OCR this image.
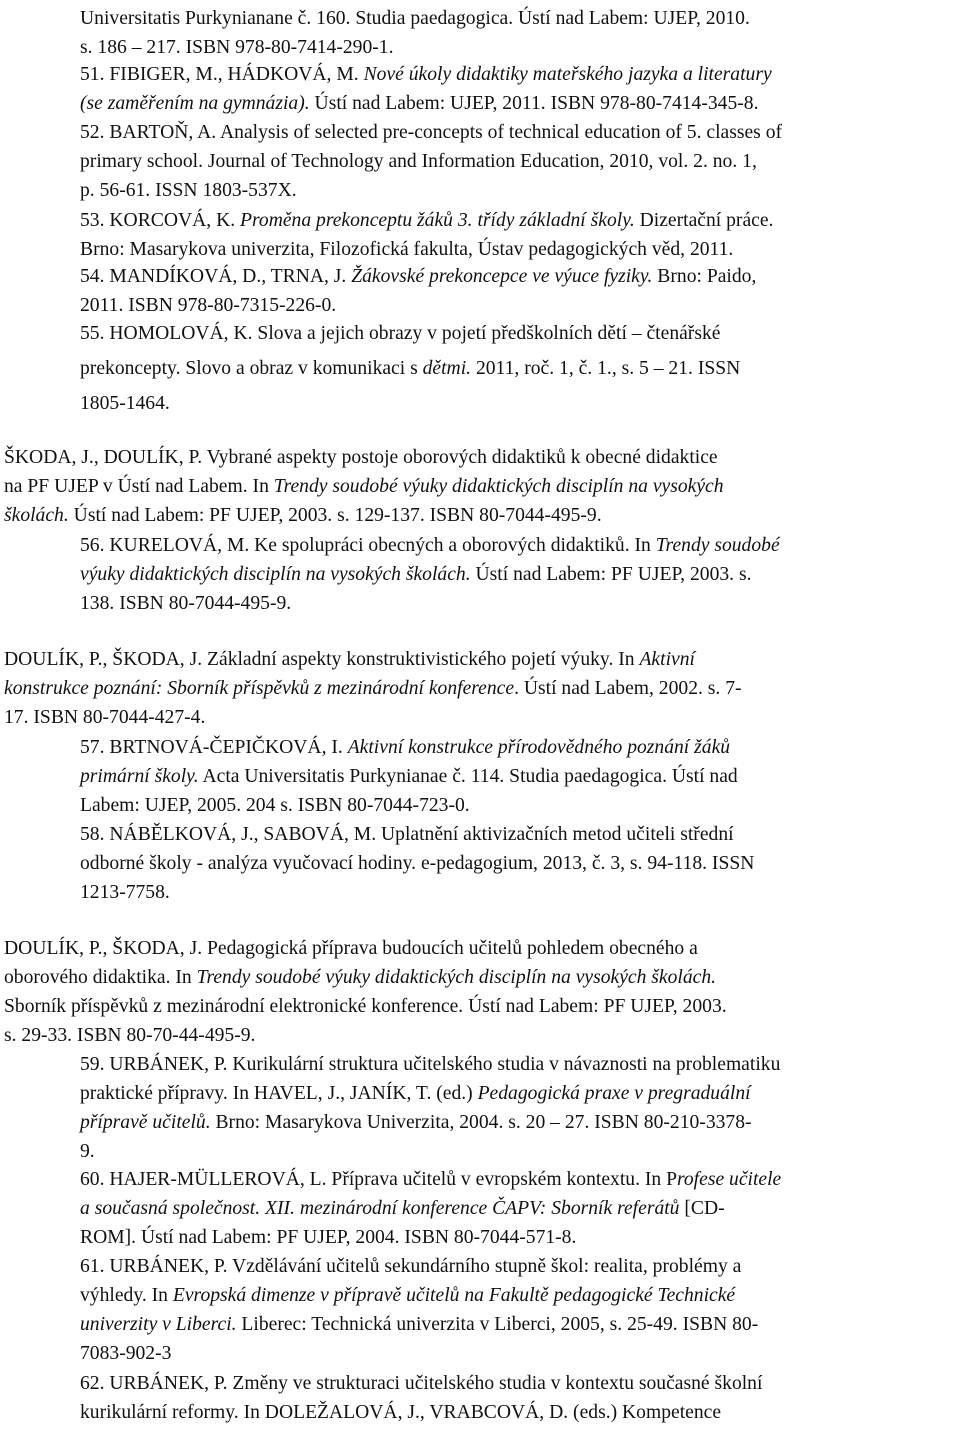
Universitatis Purkynianane č. 160. Studia paedagogica. Ústí nad Labem: UJEP, 2010.
s. 186 – 217. ISBN 978-80-7414-290-1.
51. FIBIGER, M., HÁDKOVÁ, M. Nové úkoly didaktiky mateřského jazyka a literatury
(se zaměřením na gymnázia). Ústí nad Labem: UJEP, 2011. ISBN 978-80-7414-345-8.
52. BARTOŇ, A. Analysis of selected pre-concepts of technical education of 5. classes of
primary school. Journal of Technology and Information Education, 2010, vol. 2. no. 1,
p. 56-61. ISSN 1803-537X.
53. KORCOVÁ, K. Proměna prekonceptu žáků 3. třídy základní školy. Dizertační práce.
Brno: Masarykova univerzita, Filozofická fakulta, Ústav pedagogických věd, 2011.
54. MANDÍKOVÁ, D., TRNA, J. Žákovské prekoncepce ve výuce fyziky. Brno: Paido,
2011. ISBN 978-80-7315-226-0.
55. HOMOLOVÁ, K. Slova a jejich obrazy v pojetí předškolních dětí – čtenářské
prekoncepty. Slovo a obraz v komunikaci s dětmi. 2011, roč. 1, č. 1., s. 5 – 21. ISSN
1805-1464.
ŠKODA, J., DOULÍK, P. Vybrané aspekty postoje oborových didaktiků k obecné didaktice
na PF UJEP v Ústí nad Labem. In Trendy soudobé výuky didaktických disciplín na vysokých
školách. Ústí nad Labem: PF UJEP, 2003. s. 129-137. ISBN 80-7044-495-9.
56. KURELOVÁ, M. Ke spolupráci obecných a oborových didaktiků. In Trendy soudobé
výuky didaktických disciplín na vysokých školách. Ústí nad Labem: PF UJEP, 2003. s.
138. ISBN 80-7044-495-9.
DOULÍK, P., ŠKODA, J. Základní aspekty konstruktivistického pojetí výuky. In Aktivní
konstrukce poznání: Sborník příspěvků z mezinárodní konference. Ústí nad Labem, 2002. s. 7-
17. ISBN 80-7044-427-4.
57. BRTNOVÁ-ČEPIČKOVÁ, I. Aktivní konstrukce přírodovědného poznání žáků
primární školy. Acta Universitatis Purkynianae č. 114. Studia paedagogica. Ústí nad
Labem: UJEP, 2005. 204 s. ISBN 80-7044-723-0.
58. NÁBĚLKOVÁ, J., SABOVÁ, M. Uplatnění aktivizačních metod učiteli střední
odborné školy - analýza vyučovací hodiny. e-pedagogium, 2013, č. 3, s. 94-118. ISSN
1213-7758.
DOULÍK, P., ŠKODA, J. Pedagogická příprava budoucích učitelů pohledem obecného a
oborového didaktika. In Trendy soudobé výuky didaktických disciplín na vysokých školách.
Sborník příspěvků z mezinárodní elektronické konference. Ústí nad Labem: PF UJEP, 2003.
s. 29-33. ISBN 80-70-44-495-9.
59. URBÁNEK, P. Kurikulární struktura učitelského studia v návaznosti na problematiku
praktické přípravy. In HAVEL, J., JANÍK, T. (ed.) Pedagogická praxe v pregraduální
přípravě učitelů. Brno: Masarykova Univerzita, 2004. s. 20 – 27. ISBN 80-210-3378-
9.
60. HAJER-MÜLLEROVÁ, L. Příprava učitelů v evropském kontextu. In Profese učitele
a současná společnost. XII. mezinárodní konference ČAPV: Sborník referátů [CD-
ROM]. Ústí nad Labem: PF UJEP, 2004. ISBN 80-7044-571-8.
61. URBÁNEK, P. Vzdělávání učitelů sekundárního stupně škol: realita, problémy a
výhledy. In Evropská dimenze v přípravě učitelů na Fakultě pedagogické Technické
univerzity v Liberci. Liberec: Technická univerzita v Liberci, 2005, s. 25-49. ISBN 80-
7083-902-3
62. URBÁNEK, P. Změny ve strukturaci učitelského studia v kontextu současné školní
kurikulární reformy. In DOLEŽALOVÁ, J., VRABCOVÁ, D. (eds.) Kompetence
